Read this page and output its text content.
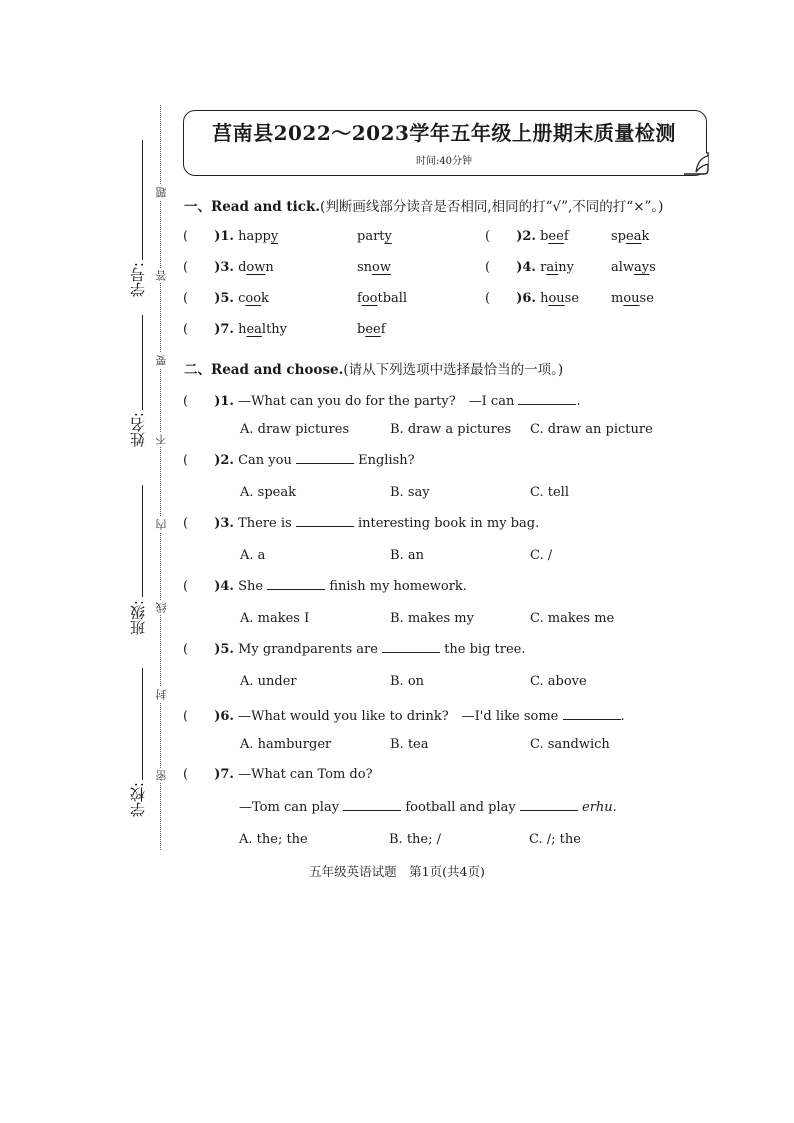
学号:
姓名:
班级:
学校:
题
答
要
不
内
线
封
密
莒南县2022～2023学年五年级上册期末质量检测
时间:40分钟
一、Read and tick.(判断画线部分读音是否相同,相同的打“√”,不同的打“×”。)
( )1. happy	party	( )2. beef	speak
( )3. down	snow	( )4. rainy	always
( )5. cook	football	( )6. house mouse
( )7. healthy	beef
二、Read and choose.(请从下列选项中选择最恰当的一项。)
( )1. —What can you do for the party?　—I can	.
A. draw pictures	B. draw a pictures C. draw an picture
( )2. Can you	English?
A. speak	B. say	C. tell
( )3. There is	interesting book in my bag.
A. a	B. an	C. /
( )4. She	finish my homework.
A. makes I	B. makes my	C. makes me
( )5. My grandparents are	the big tree.
A. under	B. on	C. above
( )6. —What would you like to drink?　—I'd like some	.
A. hamburger	B. tea	C. sandwich
( )7. —What can Tom do?
—Tom can play	football and play	erhu.
A. the; the	B. the; /	C. /; the
五年级英语试题　第1页(共4页)
